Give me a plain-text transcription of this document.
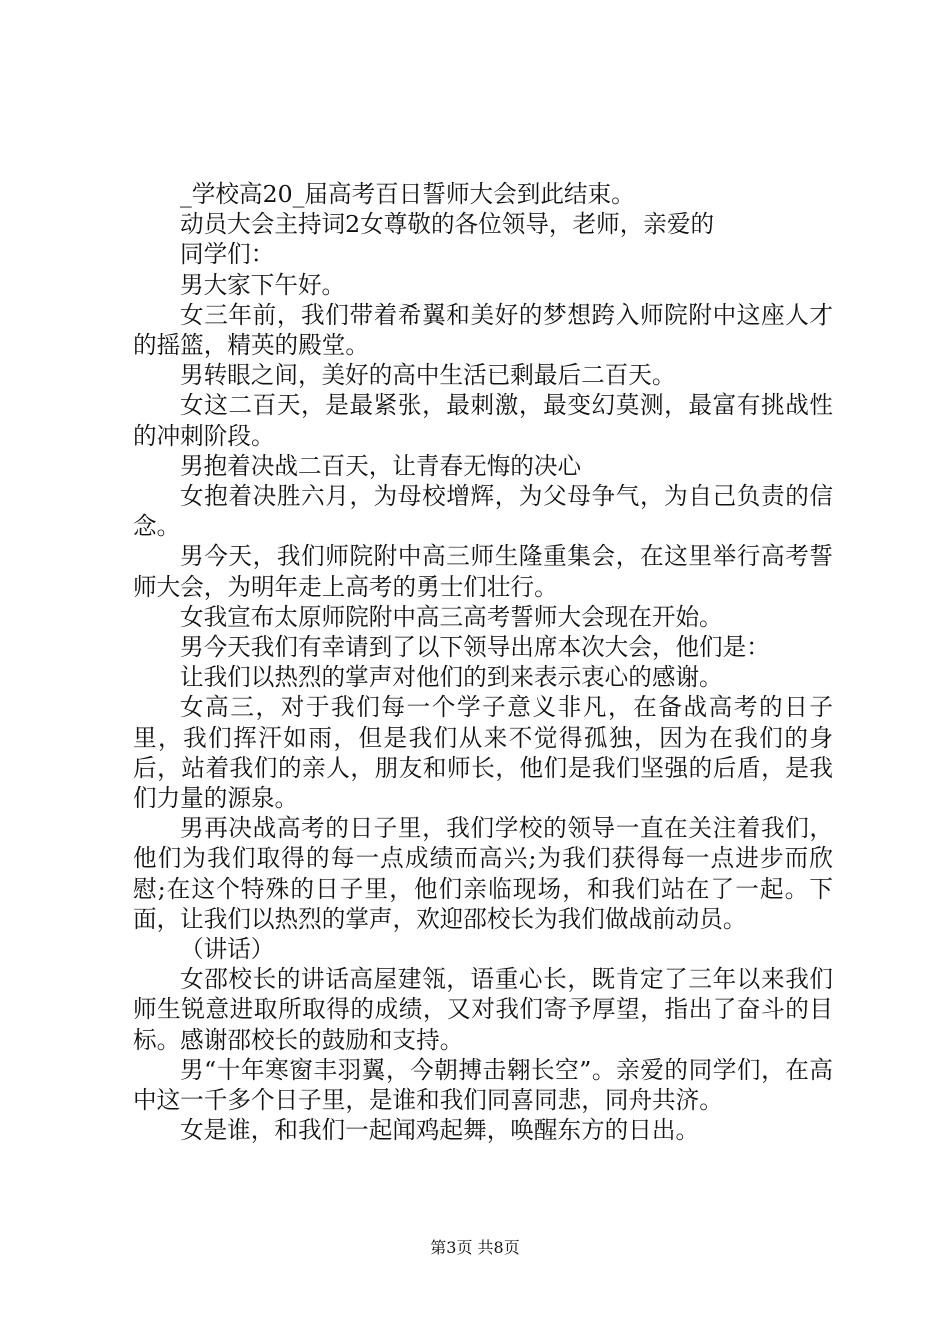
_学校高20_届高考百日誓师大会到此结束。

动员大会主持词2女尊敬的各位领导，老师，亲爱的

同学们：

男大家下午好。

女三年前，我们带着希翼和美好的梦想跨入师院附中这座人才的摇篮，精英的殿堂。

男转眼之间，美好的高中生活已剩最后二百天。

女这二百天，是最紧张，最刺激，最变幻莫测，最富有挑战性的冲刺阶段。

男抱着决战二百天，让青春无悔的决心

女抱着决胜六月，为母校增辉，为父母争气，为自己负责的信念。

男今天，我们师院附中高三师生隆重集会，在这里举行高考誓师大会，为明年走上高考的勇士们壮行。

女我宣布太原师院附中高三高考誓师大会现在开始。

男今天我们有幸请到了以下领导出席本次大会，他们是：

让我们以热烈的掌声对他们的到来表示衷心的感谢。

女高三，对于我们每一个学子意义非凡，在备战高考的日子里，我们挥汗如雨，但是我们从来不觉得孤独，因为在我们的身后，站着我们的亲人，朋友和师长，他们是我们坚强的后盾，是我们力量的源泉。

男再决战高考的日子里，我们学校的领导一直在关注着我们，他们为我们取得的每一点成绩而高兴;为我们获得每一点进步而欣慰;在这个特殊的日子里，他们亲临现场，和我们站在了一起。下面，让我们以热烈的掌声，欢迎邵校长为我们做战前动员。

（讲话）

女邵校长的讲话高屋建瓴，语重心长，既肯定了三年以来我们师生锐意进取所取得的成绩，又对我们寄予厚望，指出了奋斗的目标。感谢邵校长的鼓励和支持。

男“十年寒窗丰羽翼，今朝搏击翱长空”。亲爱的同学们，在高中这一千多个日子里，是谁和我们同喜同悲，同舟共济。

女是谁，和我们一起闻鸡起舞，唤醒东方的日出。

第3页 共8页
